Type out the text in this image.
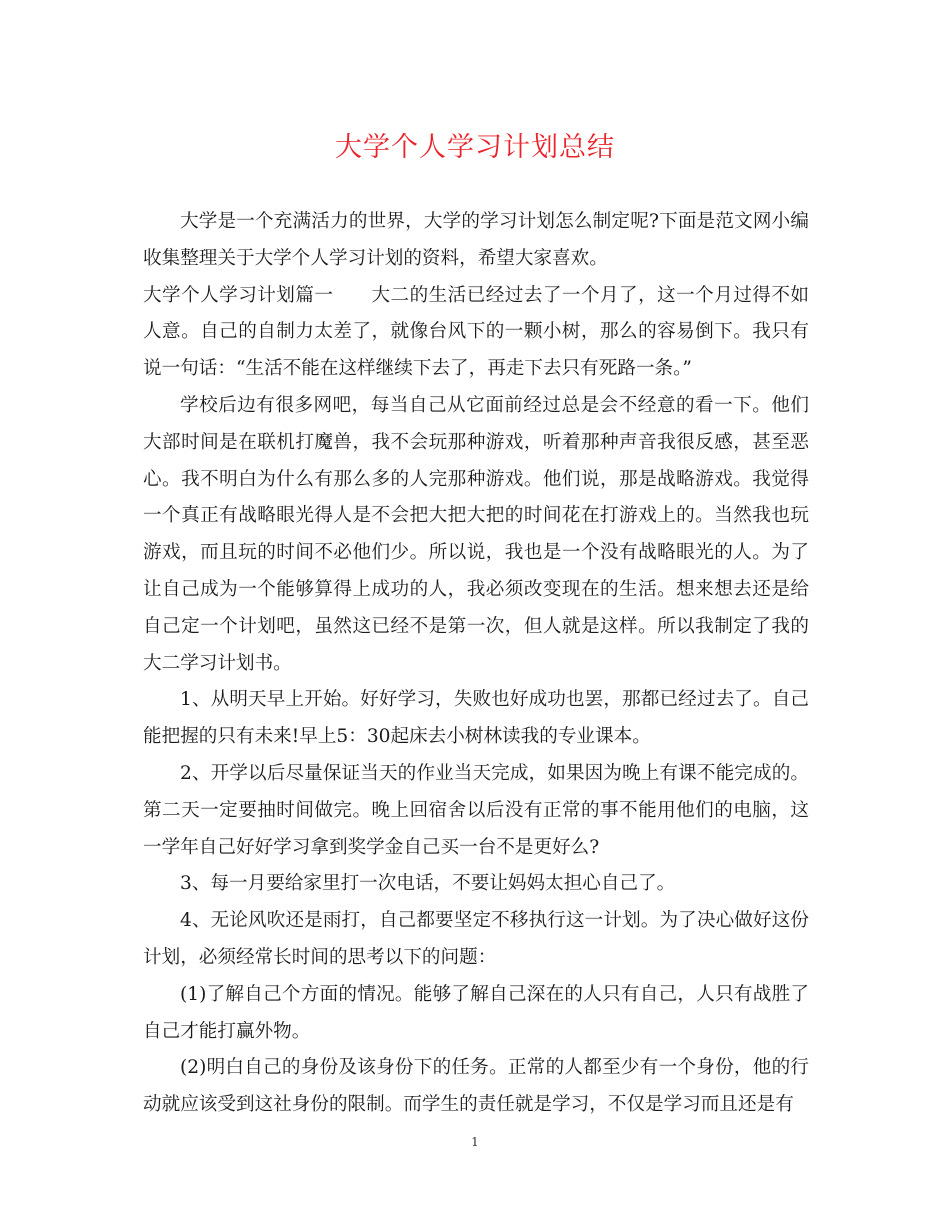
大学个人学习计划总结

大学是一个充满活力的世界，大学的学习计划怎么制定呢?下面是范文网小编收集整理关于大学个人学习计划的资料，希望大家喜欢。

大学个人学习计划篇一　　大二的生活已经过去了一个月了，这一个月过得不如人意。自己的自制力太差了，就像台风下的一颗小树，那么的容易倒下。我只有说一句话：“生活不能在这样继续下去了，再走下去只有死路一条。”

学校后边有很多网吧，每当自己从它面前经过总是会不经意的看一下。他们大部时间是在联机打魔兽，我不会玩那种游戏，听着那种声音我很反感，甚至恶心。我不明白为什么有那么多的人完那种游戏。他们说，那是战略游戏。我觉得一个真正有战略眼光得人是不会把大把大把的时间花在打游戏上的。当然我也玩游戏，而且玩的时间不必他们少。所以说，我也是一个没有战略眼光的人。为了让自己成为一个能够算得上成功的人，我必须改变现在的生活。想来想去还是给自己定一个计划吧，虽然这已经不是第一次，但人就是这样。所以我制定了我的大二学习计划书。

1、从明天早上开始。好好学习，失败也好成功也罢，那都已经过去了。自己能把握的只有未来!早上5：30起床去小树林读我的专业课本。

2、开学以后尽量保证当天的作业当天完成，如果因为晚上有课不能完成的。第二天一定要抽时间做完。晚上回宿舍以后没有正常的事不能用他们的电脑，这一学年自己好好学习拿到奖学金自己买一台不是更好么?

3、每一月要给家里打一次电话，不要让妈妈太担心自己了。

4、无论风吹还是雨打，自己都要坚定不移执行这一计划。为了决心做好这份计划，必须经常长时间的思考以下的问题：

(1)了解自己个方面的情况。能够了解自己深在的人只有自己，人只有战胜了自己才能打赢外物。

(2)明白自己的身份及该身份下的任务。正常的人都至少有一个身份，他的行动就应该受到这社身份的限制。而学生的责任就是学习，不仅是学习而且还是有

1
